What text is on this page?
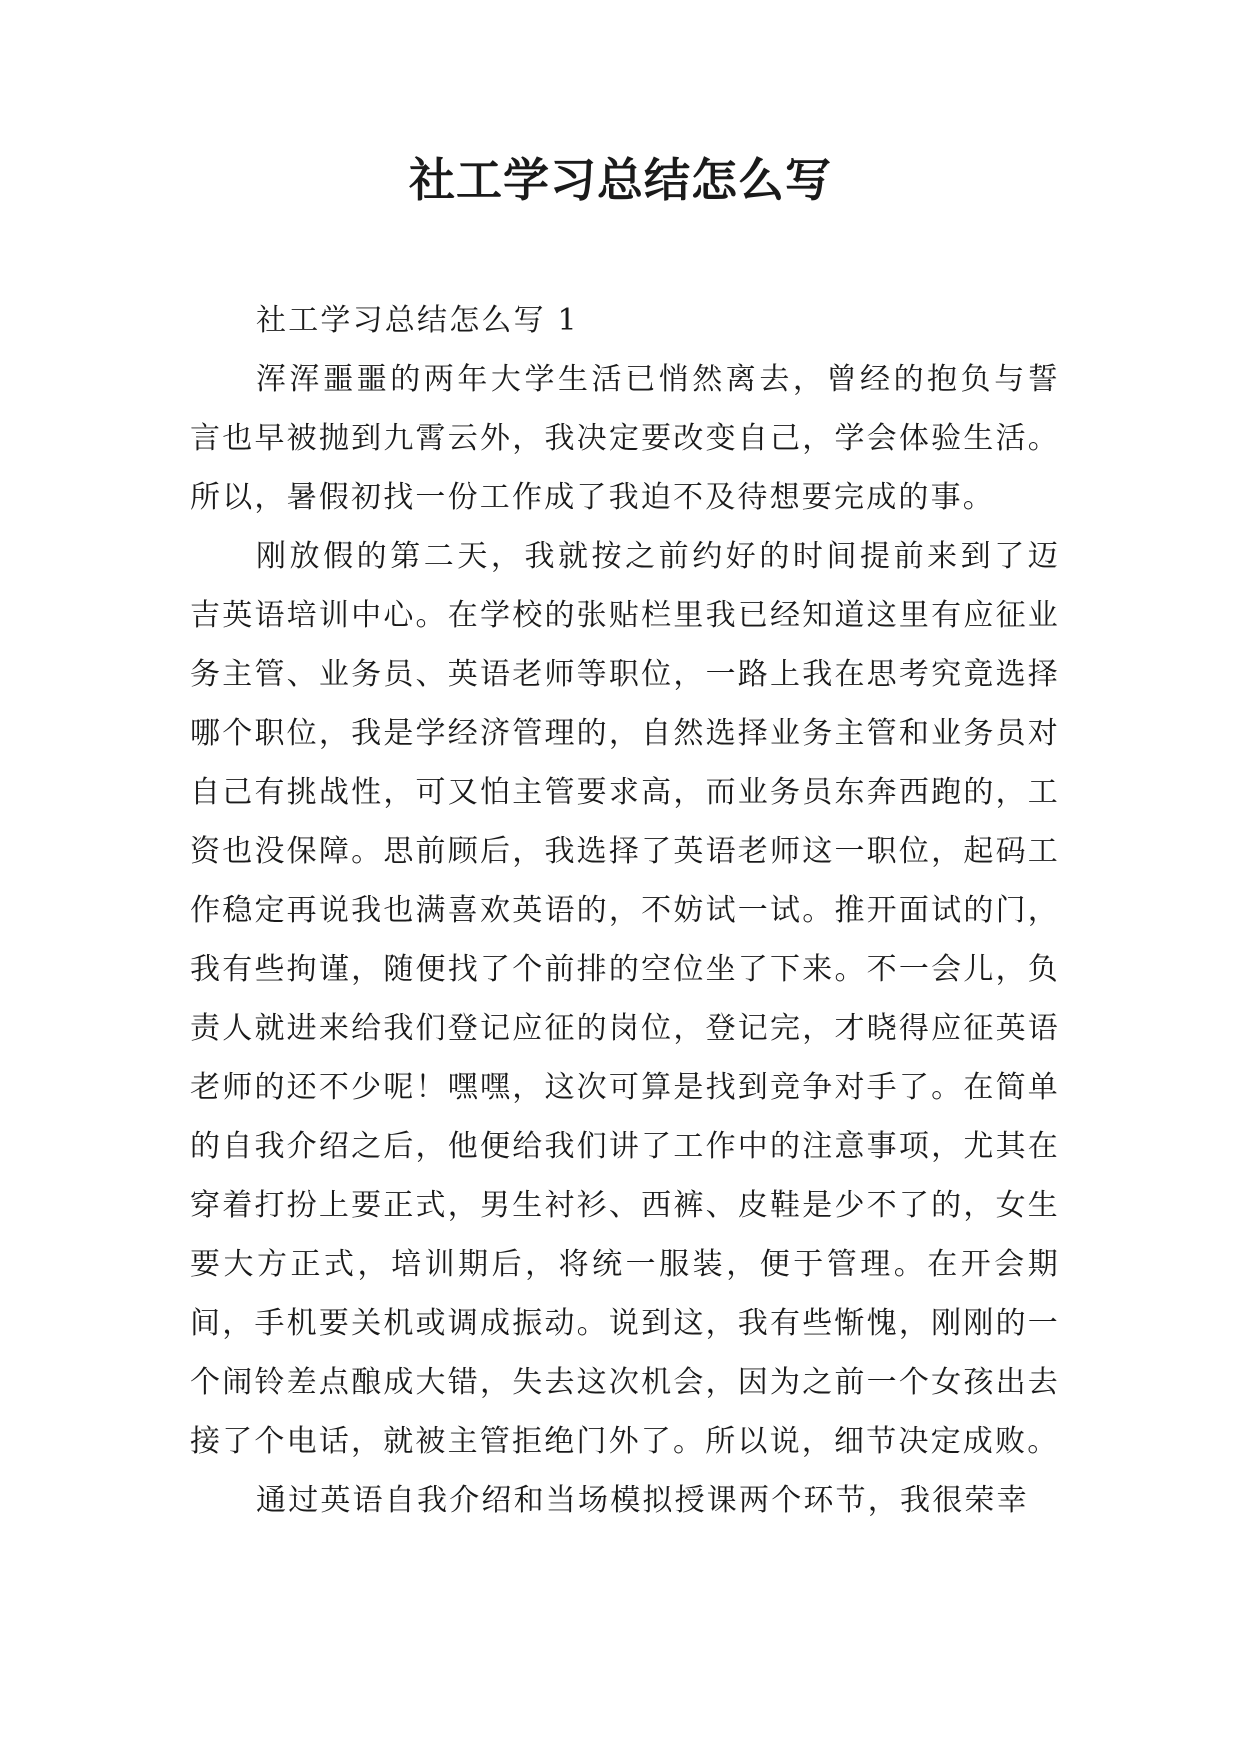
社工学习总结怎么写

社工学习总结怎么写 1

浑浑噩噩的两年大学生活已悄然离去，曾经的抱负与誓言也早被抛到九霄云外，我决定要改变自己，学会体验生活。所以，暑假初找一份工作成了我迫不及待想要完成的事。

刚放假的第二天，我就按之前约好的时间提前来到了迈吉英语培训中心。在学校的张贴栏里我已经知道这里有应征业务主管、业务员、英语老师等职位，一路上我在思考究竟选择哪个职位，我是学经济管理的，自然选择业务主管和业务员对自己有挑战性，可又怕主管要求高，而业务员东奔西跑的，工资也没保障。思前顾后，我选择了英语老师这一职位，起码工作稳定再说我也满喜欢英语的，不妨试一试。推开面试的门，我有些拘谨，随便找了个前排的空位坐了下来。不一会儿，负责人就进来给我们登记应征的岗位，登记完，才晓得应征英语老师的还不少呢！嘿嘿，这次可算是找到竞争对手了。在简单的自我介绍之后，他便给我们讲了工作中的注意事项，尤其在穿着打扮上要正式，男生衬衫、西裤、皮鞋是少不了的，女生要大方正式，培训期后，将统一服装，便于管理。在开会期间，手机要关机或调成振动。说到这，我有些惭愧，刚刚的一个闹铃差点酿成大错，失去这次机会，因为之前一个女孩出去接了个电话，就被主管拒绝门外了。所以说，细节决定成败。

通过英语自我介绍和当场模拟授课两个环节，我很荣幸
